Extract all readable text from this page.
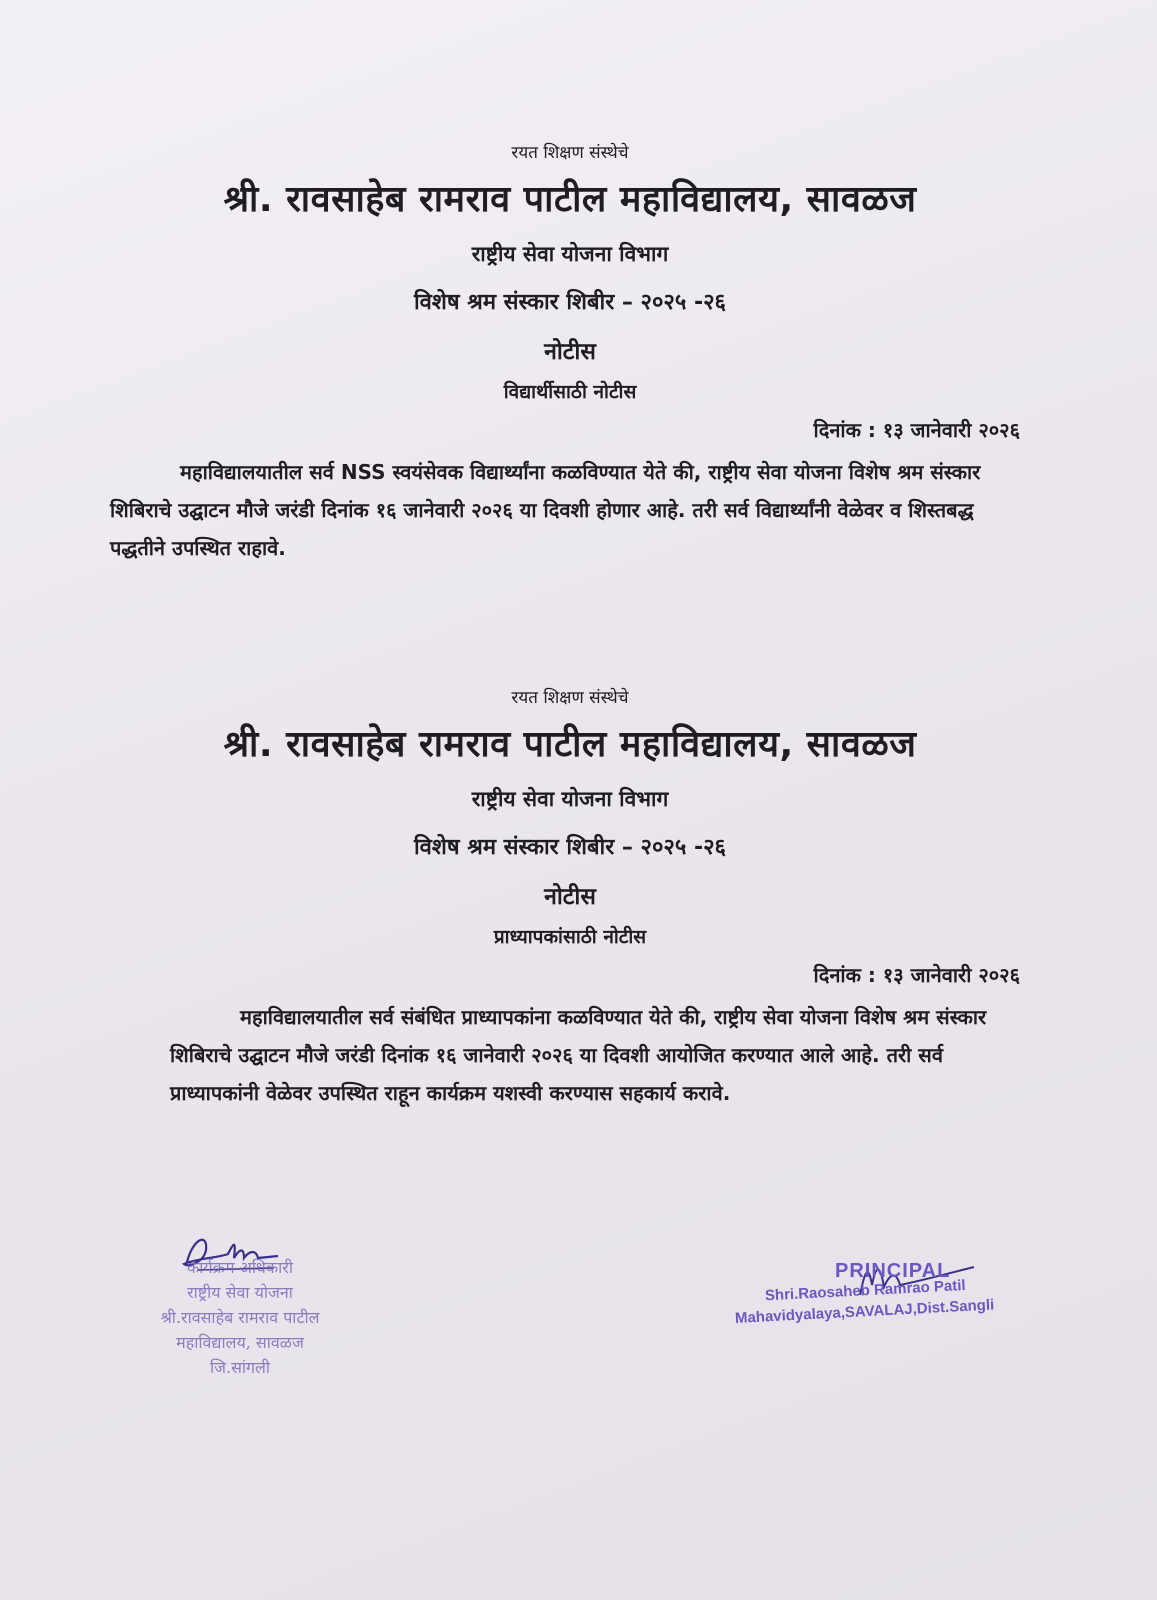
रयत शिक्षण संस्थेचे
श्री. रावसाहेब रामराव पाटील महाविद्यालय, सावळज
राष्ट्रीय सेवा योजना विभाग
विशेष श्रम संस्कार शिबीर – २०२५ -२६
नोटीस
विद्यार्थीसाठी नोटीस
दिनांक : १३ जानेवारी २०२६
महाविद्यालयातील सर्व NSS स्वयंसेवक विद्यार्थ्यांना कळविण्यात येते की, राष्ट्रीय सेवा योजना विशेष श्रम संस्कार शिबिराचे उद्घाटन मौजे जरंडी दिनांक १६ जानेवारी २०२६ या दिवशी होणार आहे. तरी सर्व विद्यार्थ्यांनी वेळेवर व शिस्तबद्ध पद्धतीने उपस्थित राहावे.
रयत शिक्षण संस्थेचे
श्री. रावसाहेब रामराव पाटील महाविद्यालय, सावळज
राष्ट्रीय सेवा योजना विभाग
विशेष श्रम संस्कार शिबीर – २०२५ -२६
नोटीस
प्राध्यापकांसाठी नोटीस
दिनांक : १३ जानेवारी २०२६
महाविद्यालयातील सर्व संबंधित प्राध्यापकांना कळविण्यात येते की, राष्ट्रीय सेवा योजना विशेष श्रम संस्कार शिबिराचे उद्घाटन मौजे जरंडी दिनांक १६ जानेवारी २०२६ या दिवशी आयोजित करण्यात आले आहे. तरी सर्व प्राध्यापकांनी वेळेवर उपस्थित राहून कार्यक्रम यशस्वी करण्यास सहकार्य करावे.
कार्यक्रम अधिकारी
राष्ट्रीय सेवा योजना
श्री.रावसाहेब रामराव पाटील
महाविद्यालय, सावळज
जि.सांगली
PRINCIPAL
Shri.Raosaheb Ramrao Patil
Mahavidyalaya,SAVALAJ,Dist.Sangli
